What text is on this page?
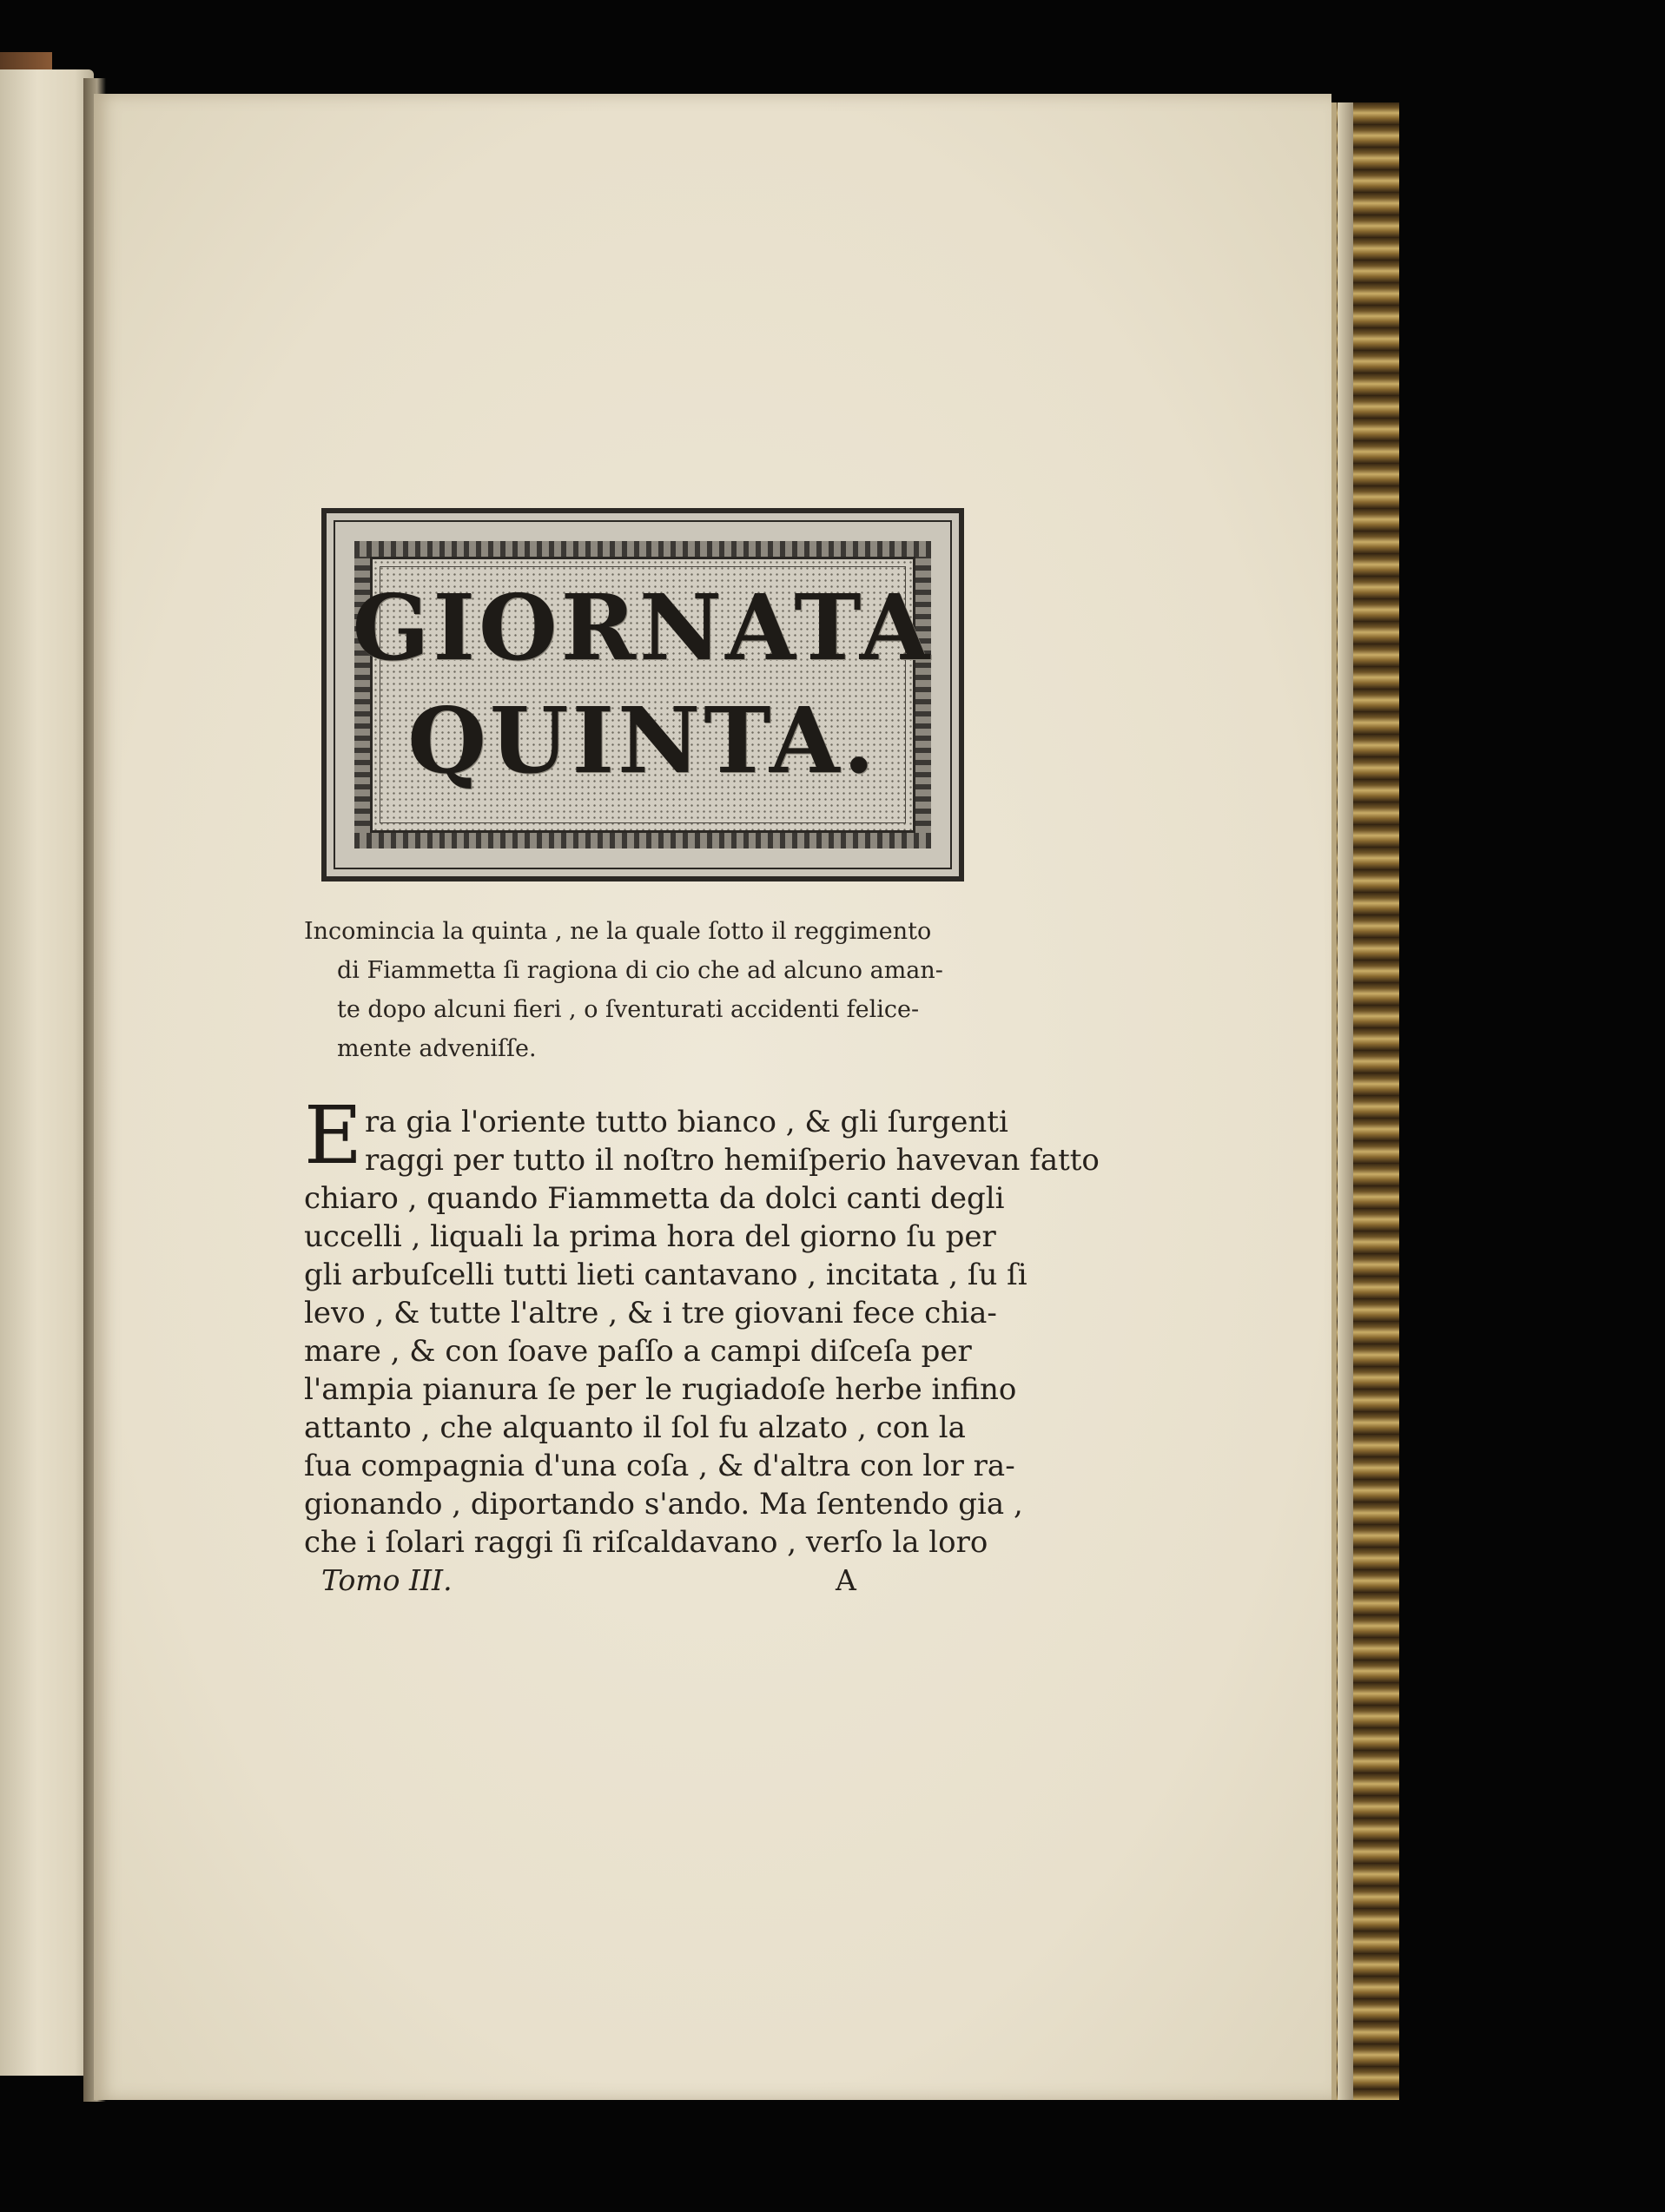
GIORNATA
QUINTA.
Incomincia la quinta , ne la quale ſotto il reggimento
di Fiammetta ſi ragiona di cio che ad alcuno aman-
te dopo alcuni fieri , o ſventurati accidenti felice-
mente adveniſſe.
E ra gia l'oriente tutto bianco , & gli ſurgenti
raggi per tutto il noſtro hemiſperio havevan fatto
chiaro , quando Fiammetta da dolci canti degli
uccelli , liquali la prima hora del giorno ſu per
gli arbuſcelli tutti lieti cantavano , incitata , ſu ſi
levo , & tutte l'altre , & i tre giovani fece chia-
mare , & con ſoave paſſo a campi diſceſa per
l'ampia pianura ſe per le rugiadoſe herbe infino
attanto , che alquanto il ſol fu alzato , con la
ſua compagnia d'una coſa , & d'altra con lor ra-
gionando , diportando s'ando. Ma ſentendo gia ,
che i ſolari raggi ſi riſcaldavano , verſo la loro
Tomo III.	A
